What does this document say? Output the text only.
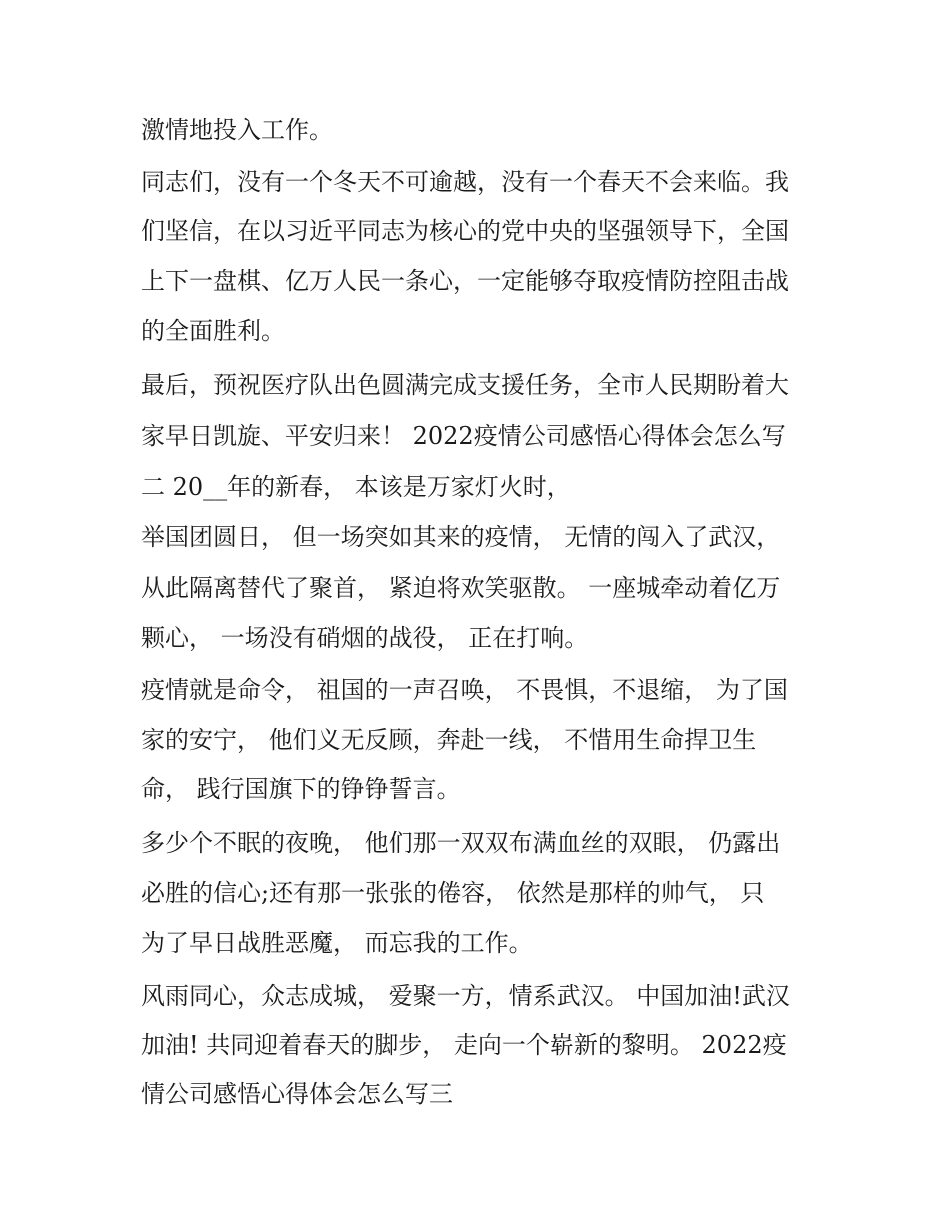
激情地投入工作。
同志们，没有一个冬天不可逾越，没有一个春天不会来临。我
们坚信，在以习近平同志为核心的党中央的坚强领导下，全国
上下一盘棋、亿万人民一条心，一定能够夺取疫情防控阻击战
的全面胜利。
最后，预祝医疗队出色圆满完成支援任务，全市人民期盼着大
家早日凯旋、平安归来！ 2022疫情公司感悟心得体会怎么写
二 20__年的新春， 本该是万家灯火时，
举国团圆日， 但一场突如其来的疫情， 无情的闯入了武汉，
从此隔离替代了聚首， 紧迫将欢笑驱散。 一座城牵动着亿万
颗心， 一场没有硝烟的战役， 正在打响。
疫情就是命令， 祖国的一声召唤， 不畏惧，不退缩， 为了国
家的安宁， 他们义无反顾，奔赴一线， 不惜用生命捍卫生
命， 践行国旗下的铮铮誓言。
多少个不眠的夜晚， 他们那一双双布满血丝的双眼， 仍露出
必胜的信心;还有那一张张的倦容， 依然是那样的帅气， 只
为了早日战胜恶魔， 而忘我的工作。
风雨同心，众志成城， 爱聚一方，情系武汉。 中国加油!武汉
加油! 共同迎着春天的脚步， 走向一个崭新的黎明。 2022疫
情公司感悟心得体会怎么写三
